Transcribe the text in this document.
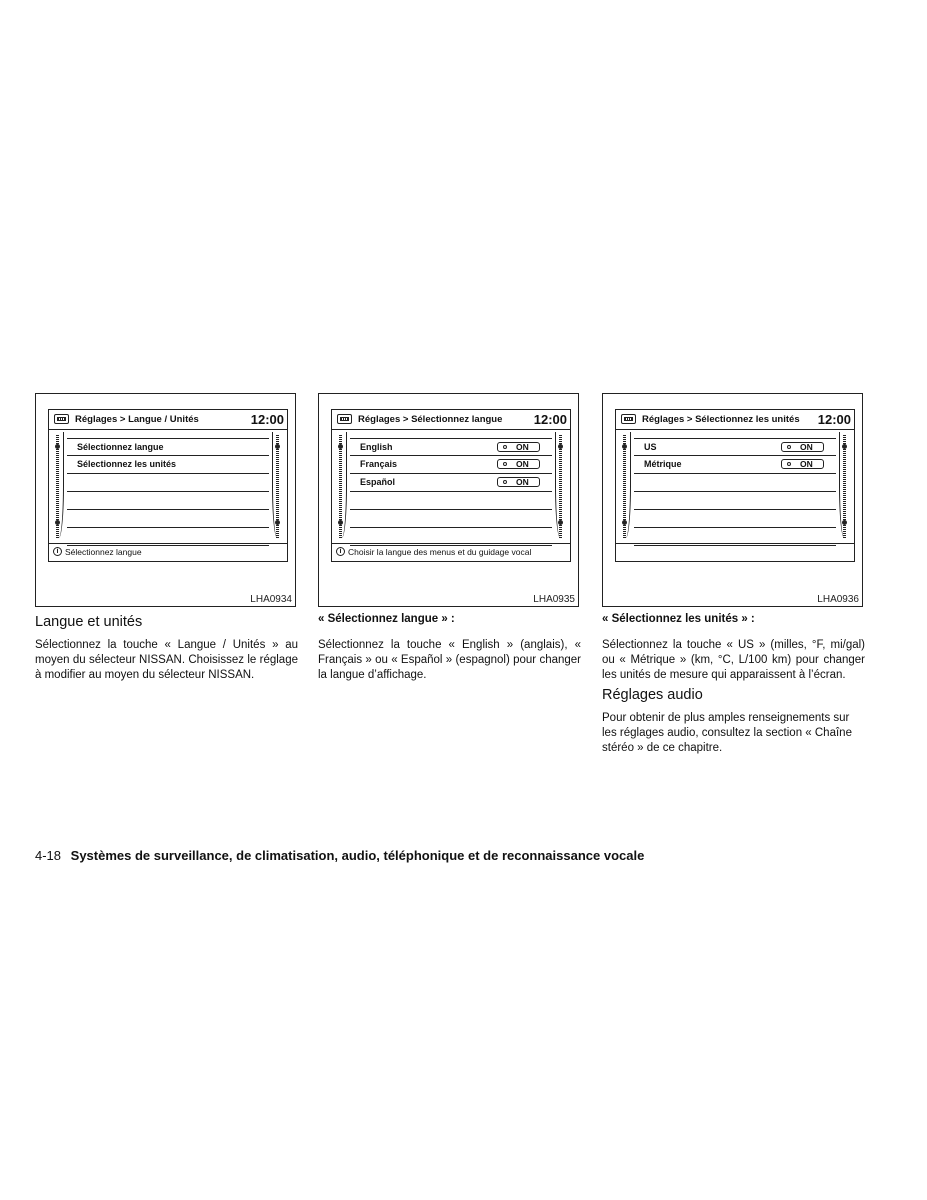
Réglages > Langue / Unités	12:00
Sélectionnez langue
Sélectionnez les unités
i Sélectionnez langue
LHA0934
Langue et unités
Sélectionnez la touche « Langue / Unités » au moyen du sélecteur NISSAN. Choisissez le réglage à modifier au moyen du sélecteur NISSAN.
Réglages > Sélectionnez langue 12:00
English	ON
Français	ON
Español	ON
i Choisir la langue des menus et du guidage vocal
LHA0935
« Sélectionnez langue » :
Sélectionnez la touche « English » (anglais), « Français » ou « Español » (espagnol) pour changer la langue d’affichage.
Réglages > Sélectionnez les unités 12:00
US	ON
Métrique	ON
LHA0936
« Sélectionnez les unités » :
Sélectionnez la touche « US » (milles, °F, mi/gal) ou « Métrique » (km, °C, L/100 km) pour changer les unités de mesure qui apparaissent à l’écran.
Réglages audio
Pour obtenir de plus amples renseignements sur les réglages audio, consultez la section « Chaîne stéréo » de ce chapitre.
4-18 Systèmes de surveillance, de climatisation, audio, téléphonique et de reconnaissance vocale
